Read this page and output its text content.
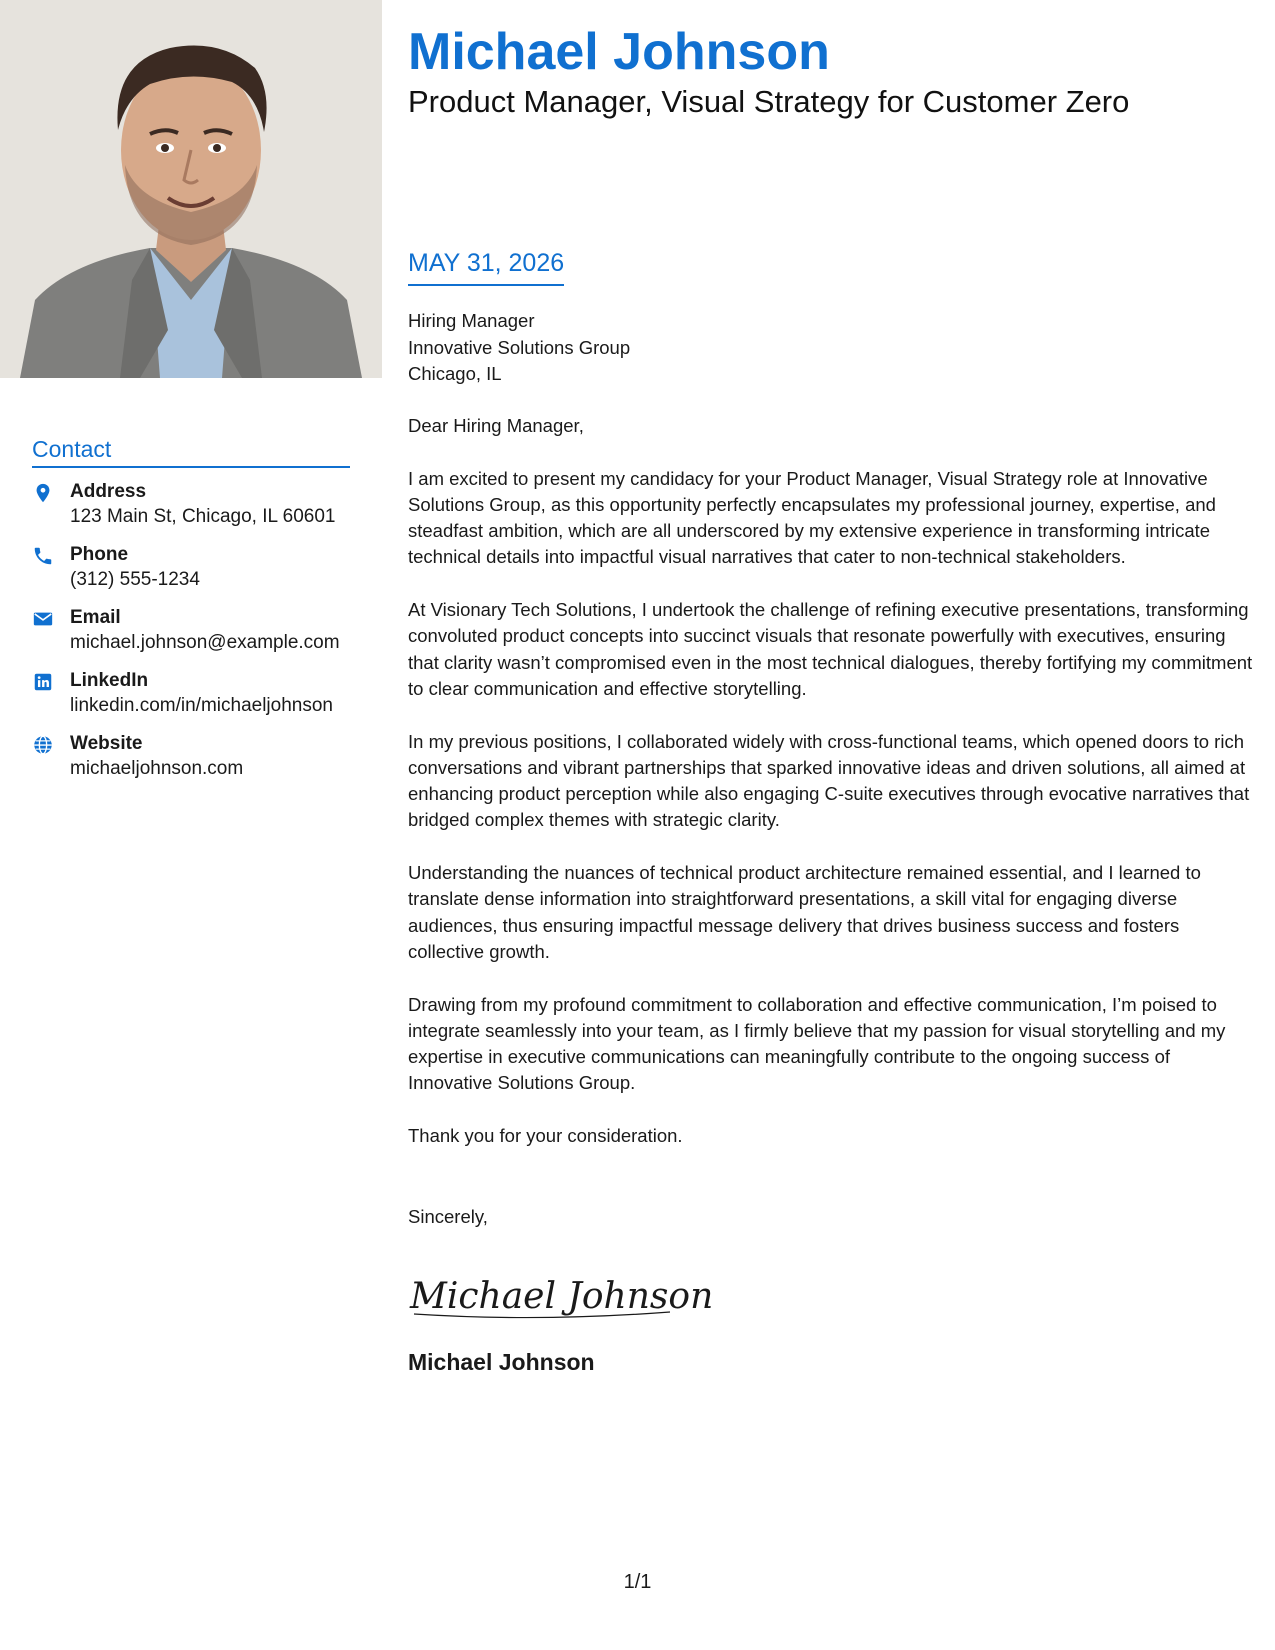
Contact
Address
123 Main St, Chicago, IL 60601
Phone
(312) 555-1234
Email
michael.johnson@example.com
LinkedIn
linkedin.com/in/michaeljohnson
Website
michaeljohnson.com
Michael Johnson
Product Manager, Visual Strategy for Customer Zero
MAY 31, 2026
Hiring Manager
Innovative Solutions Group
Chicago, IL

Dear Hiring Manager,

I am excited to present my candidacy for your Product Manager, Visual Strategy role at Innovative Solutions Group, as this opportunity perfectly encapsulates my professional journey, expertise, and steadfast ambition, which are all underscored by my extensive experience in transforming intricate technical details into impactful visual narratives that cater to non-technical stakeholders.

At Visionary Tech Solutions, I undertook the challenge of refining executive presentations, transforming convoluted product concepts into succinct visuals that resonate powerfully with executives, ensuring that clarity wasn’t compromised even in the most technical dialogues, thereby fortifying my commitment to clear communication and effective storytelling.

In my previous positions, I collaborated widely with cross-functional teams, which opened doors to rich conversations and vibrant partnerships that sparked innovative ideas and driven solutions, all aimed at enhancing product perception while also engaging C-suite executives through evocative narratives that bridged complex themes with strategic clarity.

Understanding the nuances of technical product architecture remained essential, and I learned to translate dense information into straightforward presentations, a skill vital for engaging diverse audiences, thus ensuring impactful message delivery that drives business success and fosters collective growth.

Drawing from my profound commitment to collaboration and effective communication, I’m poised to integrate seamlessly into your team, as I firmly believe that my passion for visual storytelling and my expertise in executive communications can meaningfully contribute to the ongoing success of Innovative Solutions Group.

Thank you for your consideration.

Sincerely,
Michael Johnson
Michael Johnson
1/1
